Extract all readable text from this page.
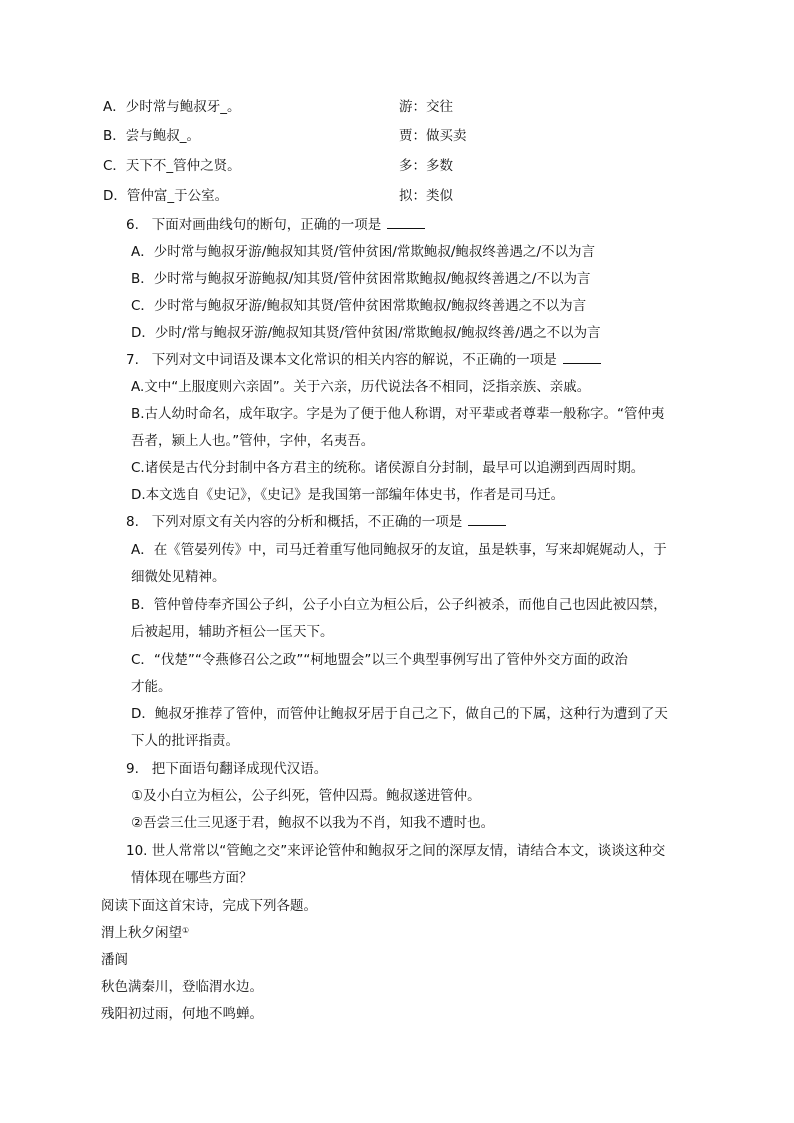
A．少时常与鲍叔牙_。	游：交往
B．尝与鲍叔_。	贾：做买卖
C．天下不_管仲之贤。	多：多数
D．管仲富_于公室。	拟：类似
6.   下面对画曲线句的断句，正确的一项是
A．少时常与鲍叔牙游/鲍叔知其贤/管仲贫困/常欺鲍叔/鲍叔终善遇之/不以为言
B．少时常与鲍叔牙游鲍叔/知其贤/管仲贫困常欺鲍叔/鲍叔终善遇之/不以为言
C．少时常与鲍叔牙游/鲍叔知其贤/管仲贫困常欺鲍叔/鲍叔终善遇之不以为言
D．少时/常与鲍叔牙游/鲍叔知其贤/管仲贫困/常欺鲍叔/鲍叔终善/遇之不以为言
7.   下列对文中词语及课本文化常识的相关内容的解说，不正确的一项是
A.文中“上服度则六亲固”。关于六亲，历代说法各不相同，泛指亲族、亲戚。
B.古人幼时命名，成年取字。字是为了便于他人称谓，对平辈或者尊辈一般称字。“管仲夷
吾者，颍上人也。”管仲，字仲，名夷吾。
C.诸侯是古代分封制中各方君主的统称。诸侯源自分封制，最早可以追溯到西周时期。
D.本文选自《史记》，《史记》是我国第一部编年体史书，作者是司马迁。
8.   下列对原文有关内容的分析和概括，不正确的一项是
A．在《管晏列传》中，司马迁着重写他同鲍叔牙的友谊，虽是轶事，写来却娓娓动人，于
细微处见精神。
B．管仲曾侍奉齐国公子纠，公子小白立为桓公后，公子纠被杀，而他自己也因此被囚禁，
后被起用，辅助齐桓公一匡天下。
C．“伐楚”“令燕修召公之政”“柯地盟会”以三个典型事例写出了管仲外交方面的政治
才能。
D．鲍叔牙推荐了管仲，而管仲让鲍叔牙居于自己之下，做自己的下属，这种行为遭到了天
下人的批评指责。
9.   把下面语句翻译成现代汉语。
①及小白立为桓公，公子纠死，管仲囚焉。鲍叔遂进管仲。
②吾尝三仕三见逐于君，鲍叔不以我为不肖，知我不遭时也。
10. 世人常常以“管鲍之交”来评论管仲和鲍叔牙之间的深厚友情，请结合本文，谈谈这种交
情体现在哪些方面？
阅读下面这首宋诗，完成下列各题。
渭上秋夕闲望①
潘阆
秋色满秦川，登临渭水边。
残阳初过雨，何地不鸣蝉。
